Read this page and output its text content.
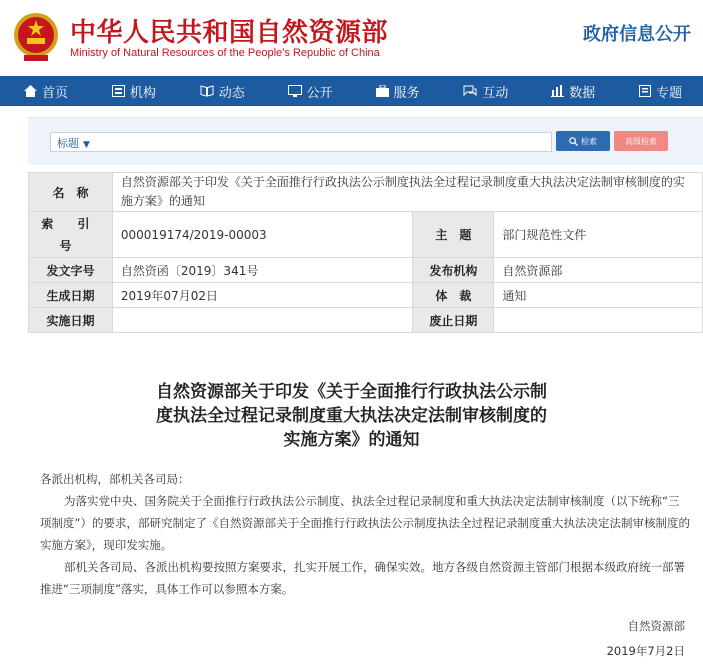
中华人民共和国自然资源部
Ministry of Natural Resources of the People’s Republic of China
政府信息公开
首页	机构	动态	公开	服务	互动	数据	专题
标题 ▼	检索	高级检索
名　称	自然资源部关于印发《关于全面推行行政执法公示制度执法全过程记录制度重大执法决定法制审核制度的实施方案》的通知		
索 引 号	000019174/2019-00003	主　题	部门规范性文件
发文字号	自然资函〔2019〕341号	发布机构	自然资源部
生成日期	2019年07月02日	体　裁	通知
实施日期		废止日期	
自然资源部关于印发《关于全面推行行政执法公示制
度执法全过程记录制度重大执法决定法制审核制度的
实施方案》的通知

各派出机构，部机关各司局：

为落实党中央、国务院关于全面推行行政执法公示制度、执法全过程记录制度和重大执法决定法制审核制度（以下统称“三项制度”）的要求，部研究制定了《自然资源部关于全面推行行政执法公示制度执法全过程记录制度重大执法决定法制审核制度的实施方案》，现印发实施。

部机关各司局、各派出机构要按照方案要求，扎实开展工作，确保实效。地方各级自然资源主管部门根据本级政府统一部署推进“三项制度”落实，具体工作可以参照本方案。

自然资源部
2019年7月2日
